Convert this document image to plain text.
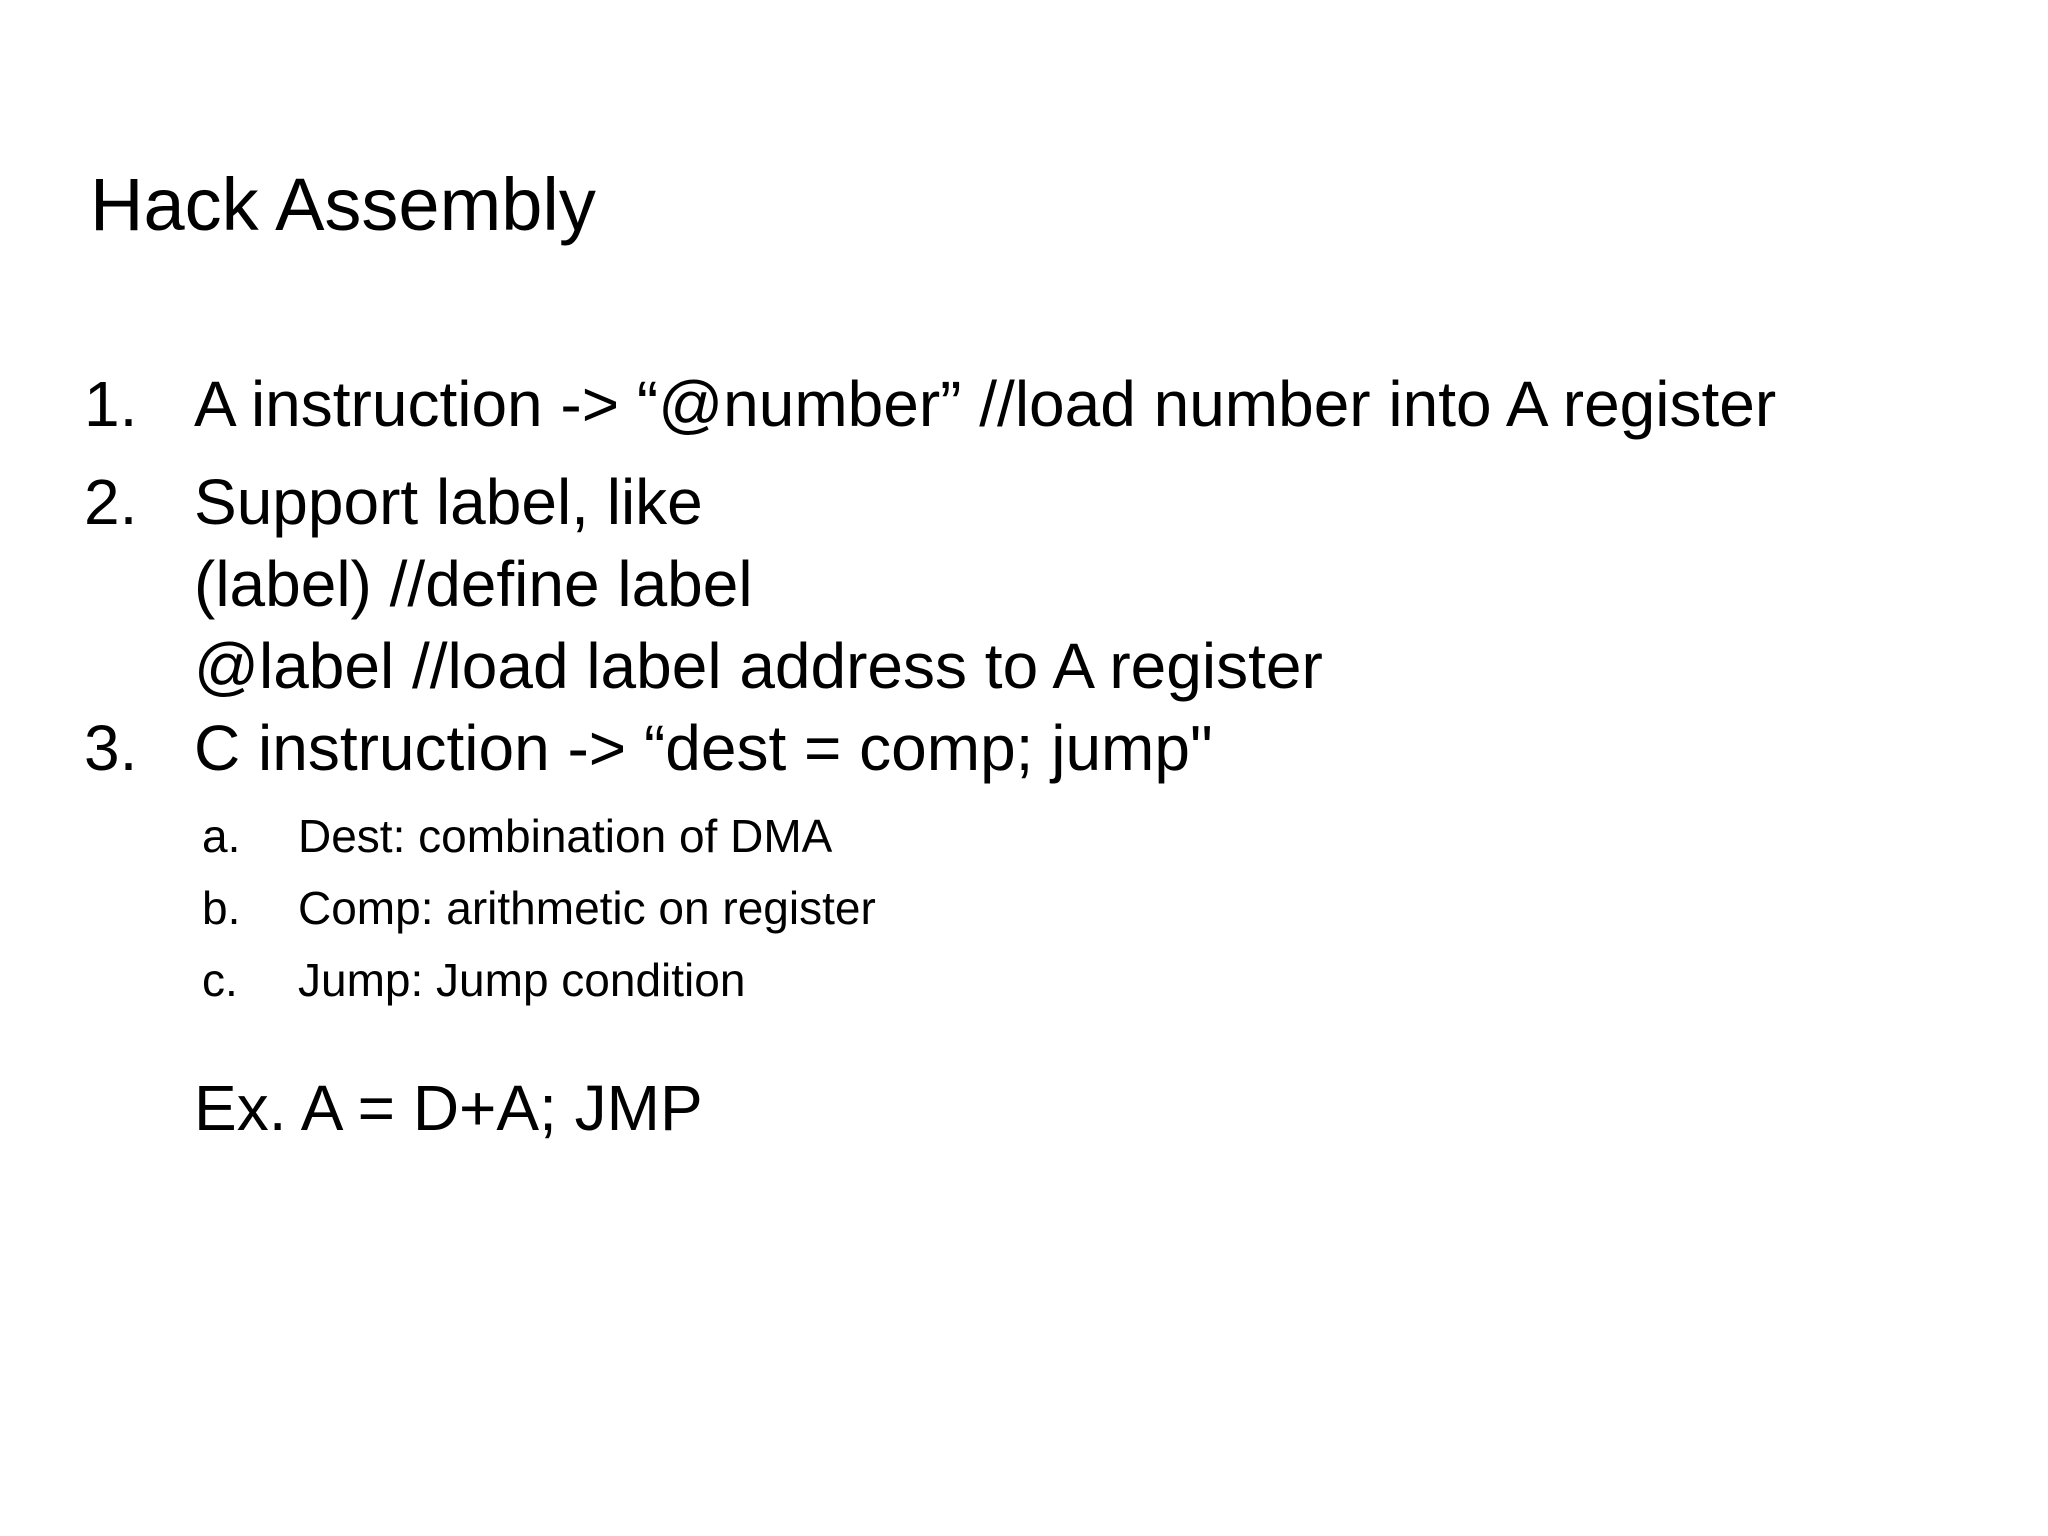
Hack Assembly
1. A instruction -> “@number” //load number into A register
2. Support label, like
(label) //define label
@label //load label address to A register
3. C instruction -> “dest = comp; jump"
a. Dest: combination of DMA
b. Comp: arithmetic on register
c. Jump: Jump condition
Ex. A = D+A; JMP
